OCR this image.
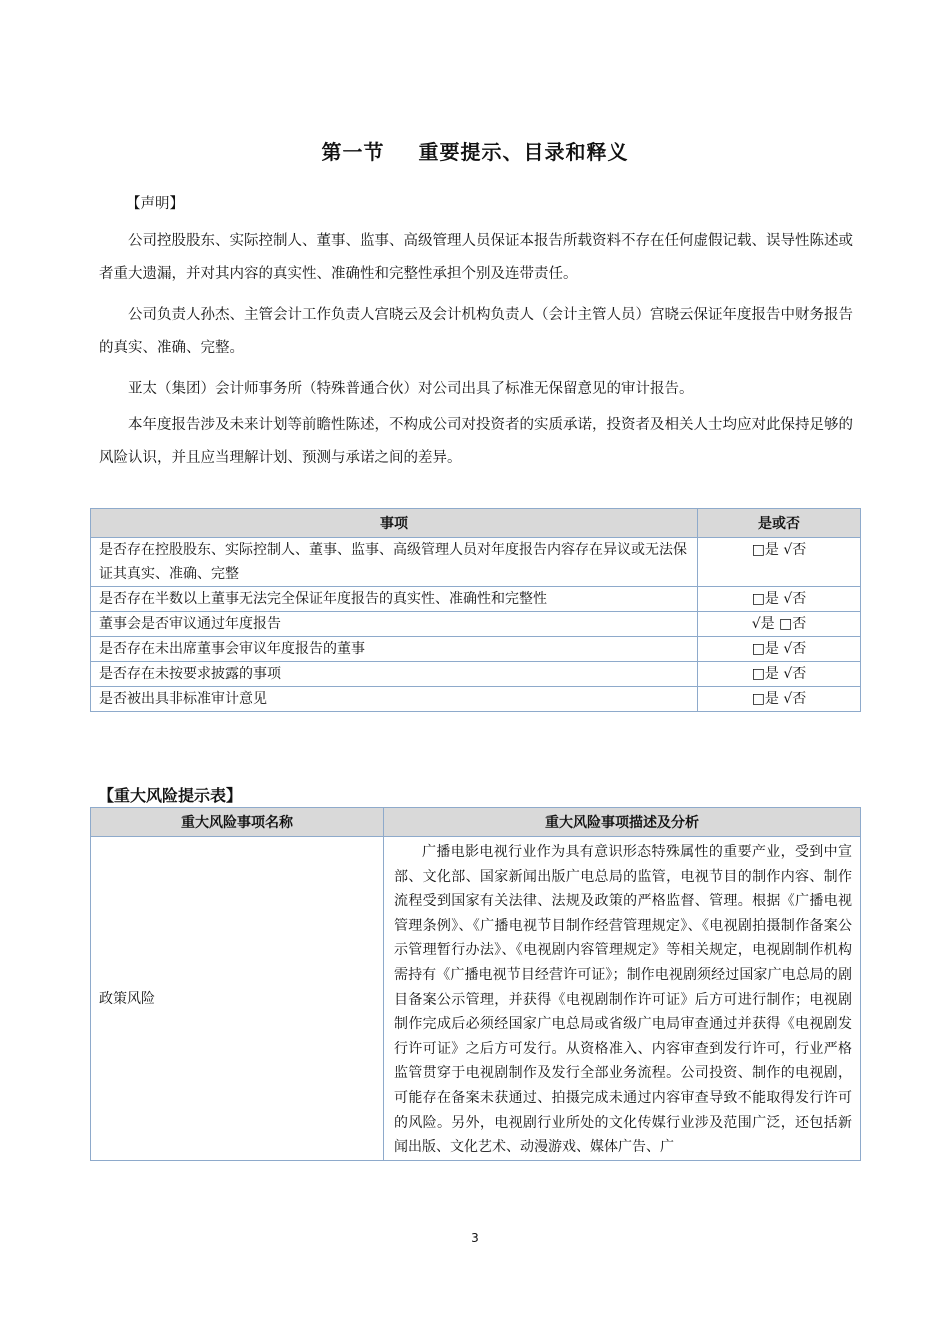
第一节 重要提示、目录和释义
【声明】

公司控股股东、实际控制人、董事、监事、高级管理人员保证本报告所载资料不存在任何虚假记载、误导性陈述或者重大遗漏，并对其内容的真实性、准确性和完整性承担个别及连带责任。

公司负责人孙杰、主管会计工作负责人宫晓云及会计机构负责人（会计主管人员）宫晓云保证年度报告中财务报告的真实、准确、完整。

亚太（集团）会计师事务所（特殊普通合伙）对公司出具了标准无保留意见的审计报告。

本年度报告涉及未来计划等前瞻性陈述，不构成公司对投资者的实质承诺，投资者及相关人士均应对此保持足够的风险认识，并且应当理解计划、预测与承诺之间的差异。

事项	是或否
是否存在控股股东、实际控制人、董事、监事、高级管理人员对年度报告内容存在异议或无法保证其真实、准确、完整	□是 √否
是否存在半数以上董事无法完全保证年度报告的真实性、准确性和完整性	□是 √否
董事会是否审议通过年度报告	√是 □否
是否存在未出席董事会审议年度报告的董事	□是 √否
是否存在未按要求披露的事项	□是 √否
是否被出具非标准审计意见	□是 √否
【重大风险提示表】
重大风险事项名称	重大风险事项描述及分析
政策风险	广播电影电视行业作为具有意识形态特殊属性的重要产业，受到中宣部、文化部、国家新闻出版广电总局的监管，电视节目的制作内容、制作流程受到国家有关法律、法规及政策的严格监督、管理。根据《广播电视管理条例》、《广播电视节目制作经营管理规定》、《电视剧拍摄制作备案公示管理暂行办法》、《电视剧内容管理规定》等相关规定，电视剧制作机构需持有《广播电视节目经营许可证》；制作电视剧须经过国家广电总局的剧目备案公示管理，并获得《电视剧制作许可证》后方可进行制作；电视剧制作完成后必须经国家广电总局或省级广电局审查通过并获得《电视剧发行许可证》之后方可发行。从资格准入、内容审查到发行许可，行业严格监管贯穿于电视剧制作及发行全部业务流程。公司投资、制作的电视剧，可能存在备案未获通过、拍摄完成未通过内容审查导致不能取得发行许可的风险。另外，电视剧行业所处的文化传媒行业涉及范围广泛，还包括新闻出版、文化艺术、动漫游戏、媒体广告、广
3
